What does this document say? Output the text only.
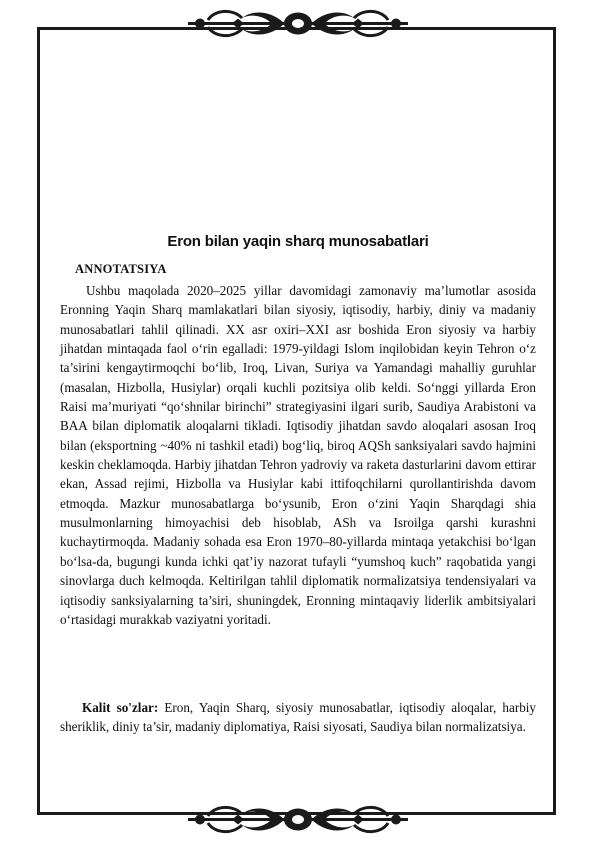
Eron bilan yaqin sharq munosabatlari
ANNOTATSIYA

Ushbu maqolada 2020–2025 yillar davomidagi zamonaviy ma’lumotlar asosida Eronning Yaqin Sharq mamlakatlari bilan siyosiy, iqtisodiy, harbiy, diniy va madaniy munosabatlari tahlil qilinadi. XX asr oxiri–XXI asr boshida Eron siyosiy va harbiy jihatdan mintaqada faol o‘rin egalladi: 1979-yildagi Islom inqilobidan keyin Tehron o‘z ta’sirini kengaytirmoqchi bo‘lib, Iroq, Livan, Suriya va Yamandagi mahalliy guruhlar (masalan, Hizbolla, Husiylar) orqali kuchli pozitsiya olib keldi. So‘nggi yillarda Eron Raisi ma’muriyati “qo‘shnilar birinchi” strategiyasini ilgari surib, Saudiya Arabistoni va BAA bilan diplomatik aloqalarni tikladi. Iqtisodiy jihatdan savdo aloqalari asosan Iroq bilan (eksportning ~40% ni tashkil etadi) bog‘liq, biroq AQSh sanksiyalari savdo hajmini keskin cheklamoqda. Harbiy jihatdan Tehron yadroviy va raketa dasturlarini davom ettirar ekan, Assad rejimi, Hizbolla va Husiylar kabi ittifoqchilarni qurollantirishda davom etmoqda. Mazkur munosabatlarga bo‘ysunib, Eron o‘zini Yaqin Sharqdagi shia musulmonlarning himoyachisi deb hisoblab, ASh va Isroilga qarshi kurashni kuchaytirmoqda. Madaniy sohada esa Eron 1970–80-yillarda mintaqa yetakchisi bo‘lgan bo‘lsa-da, bugungi kunda ichki qat’iy nazorat tufayli “yumshoq kuch” raqobatida yangi sinovlarga duch kelmoqda. Keltirilgan tahlil diplomatik normalizatsiya tendensiyalari va iqtisodiy sanksiyalarning ta’siri, shuningdek, Eronning mintaqaviy liderlik ambitsiyalari o‘rtasidagi murakkab vaziyatni yoritadi.

Kalit so'zlar: Eron, Yaqin Sharq, siyosiy munosabatlar, iqtisodiy aloqalar, harbiy sheriklik, diniy ta’sir, madaniy diplomatiya, Raisi siyosati, Saudiya bilan normalizatsiya.
